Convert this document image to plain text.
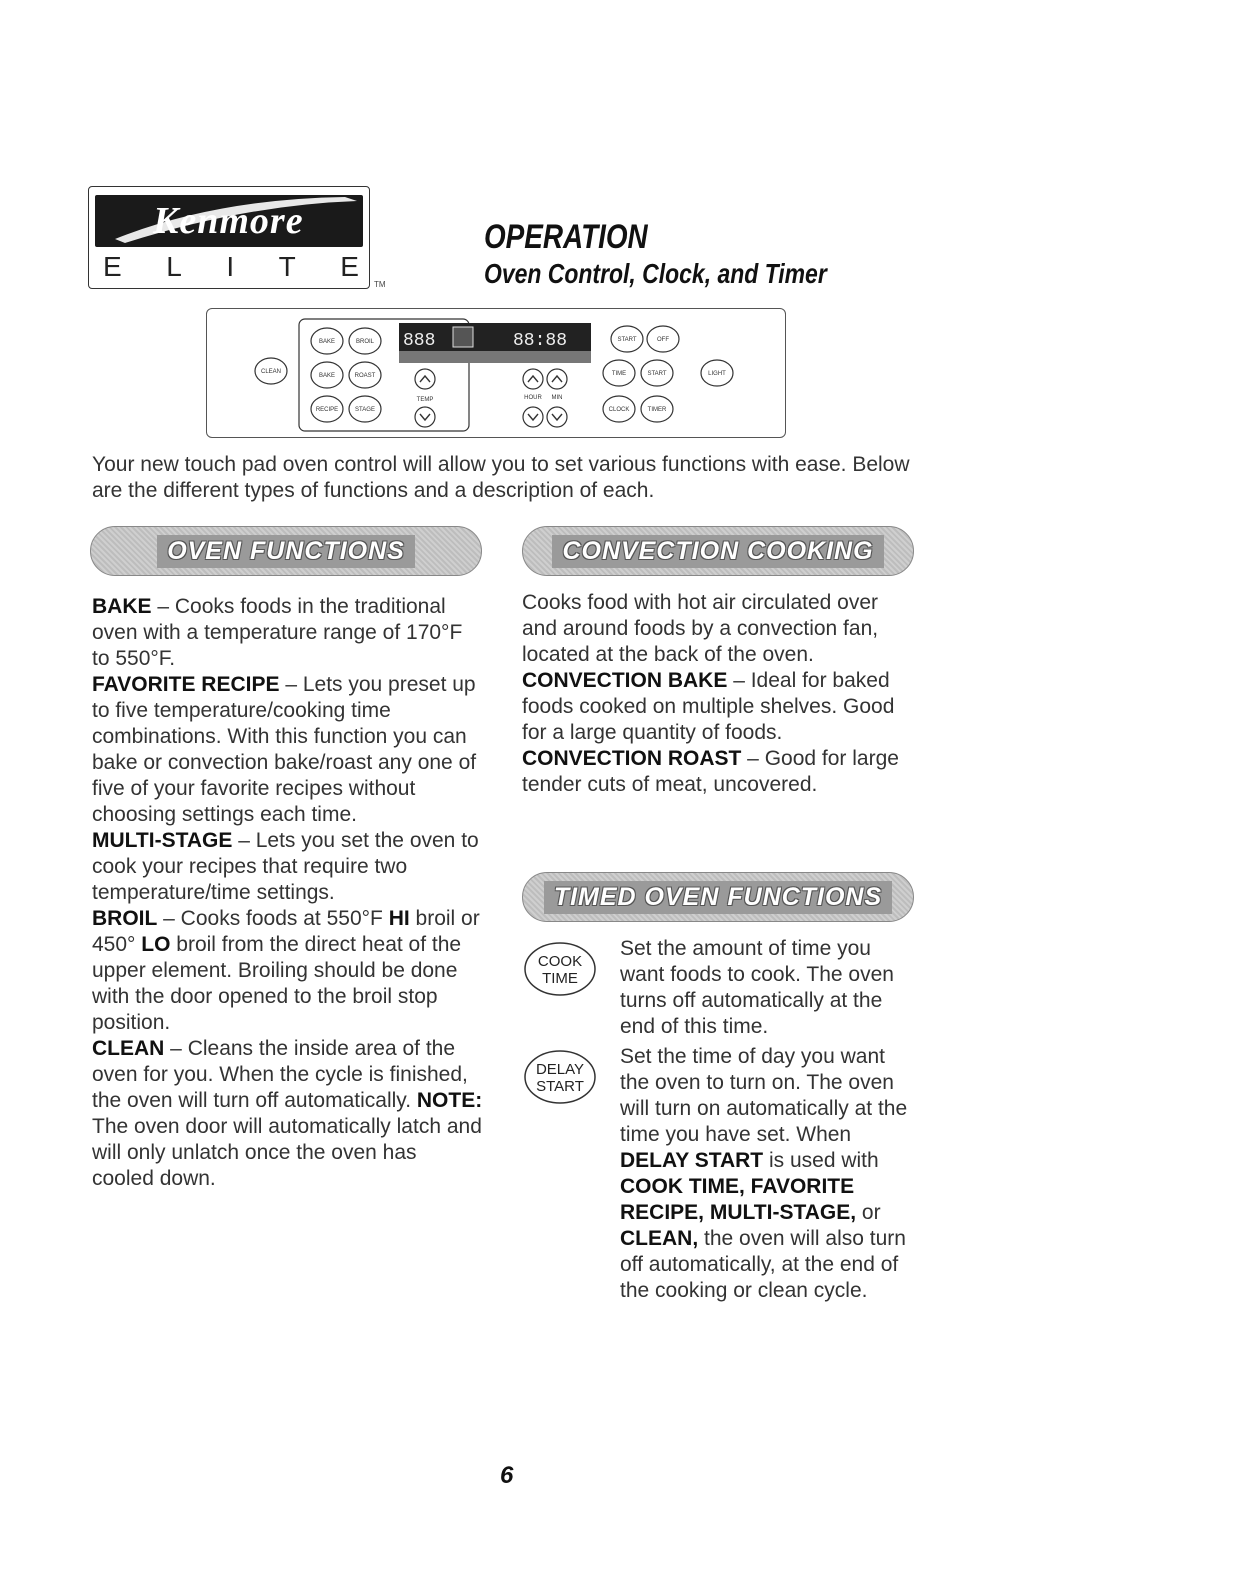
Kenmore
E L I T E
TM
OPERATION
Oven Control, Clock, and Timer
888	88:88
CLEAN
BAKE	BROIL
BAKE	ROAST
RECIPE	STAGE
TEMP	HOUR MIN
START	OFF
TIME	START	LIGHT
CLOCK	TIMER
Your new touch pad oven control will allow you to set various functions with ease. Below are the different types of functions and a description of each.
OVEN FUNCTIONS	CONVECTION COOKING
TIMED OVEN FUNCTIONS

BAKE – Cooks foods in the traditional oven with a temperature range of 170°F to 550°F.

FAVORITE RECIPE – Lets you preset up to five temperature/cooking time combinations. With this function you can bake or convection bake/roast any one of five of your favorite recipes without choosing settings each time.

MULTI-STAGE – Lets you set the oven to cook your recipes that require two temperature/time settings.

BROIL – Cooks foods at 550°F HI broil or 450° LO broil from the direct heat of the upper element. Broiling should be done with the door opened to the broil stop position.

CLEAN – Cleans the inside area of the oven for you. When the cycle is finished, the oven will turn off automatically. NOTE: The oven door will automatically latch and will only unlatch once the oven has cooled down.

Cooks food with hot air circulated over and around foods by a convection fan, located at the back of the oven.

CONVECTION BAKE – Ideal for baked foods cooked on multiple shelves. Good for a large quantity of foods.

CONVECTION ROAST – Good for large tender cuts of meat, uncovered.

COOK
TIME
Set the amount of time you want foods to cook. The oven turns off automatically at the end of this time.
DELAY
START
Set the time of day you want the oven to turn on. The oven will turn on automatically at the time you have set. When DELAY START is used with COOK TIME, FAVORITE RECIPE, MULTI-STAGE, or CLEAN, the oven will also turn off automatically, at the end of the cooking or clean cycle.
6
